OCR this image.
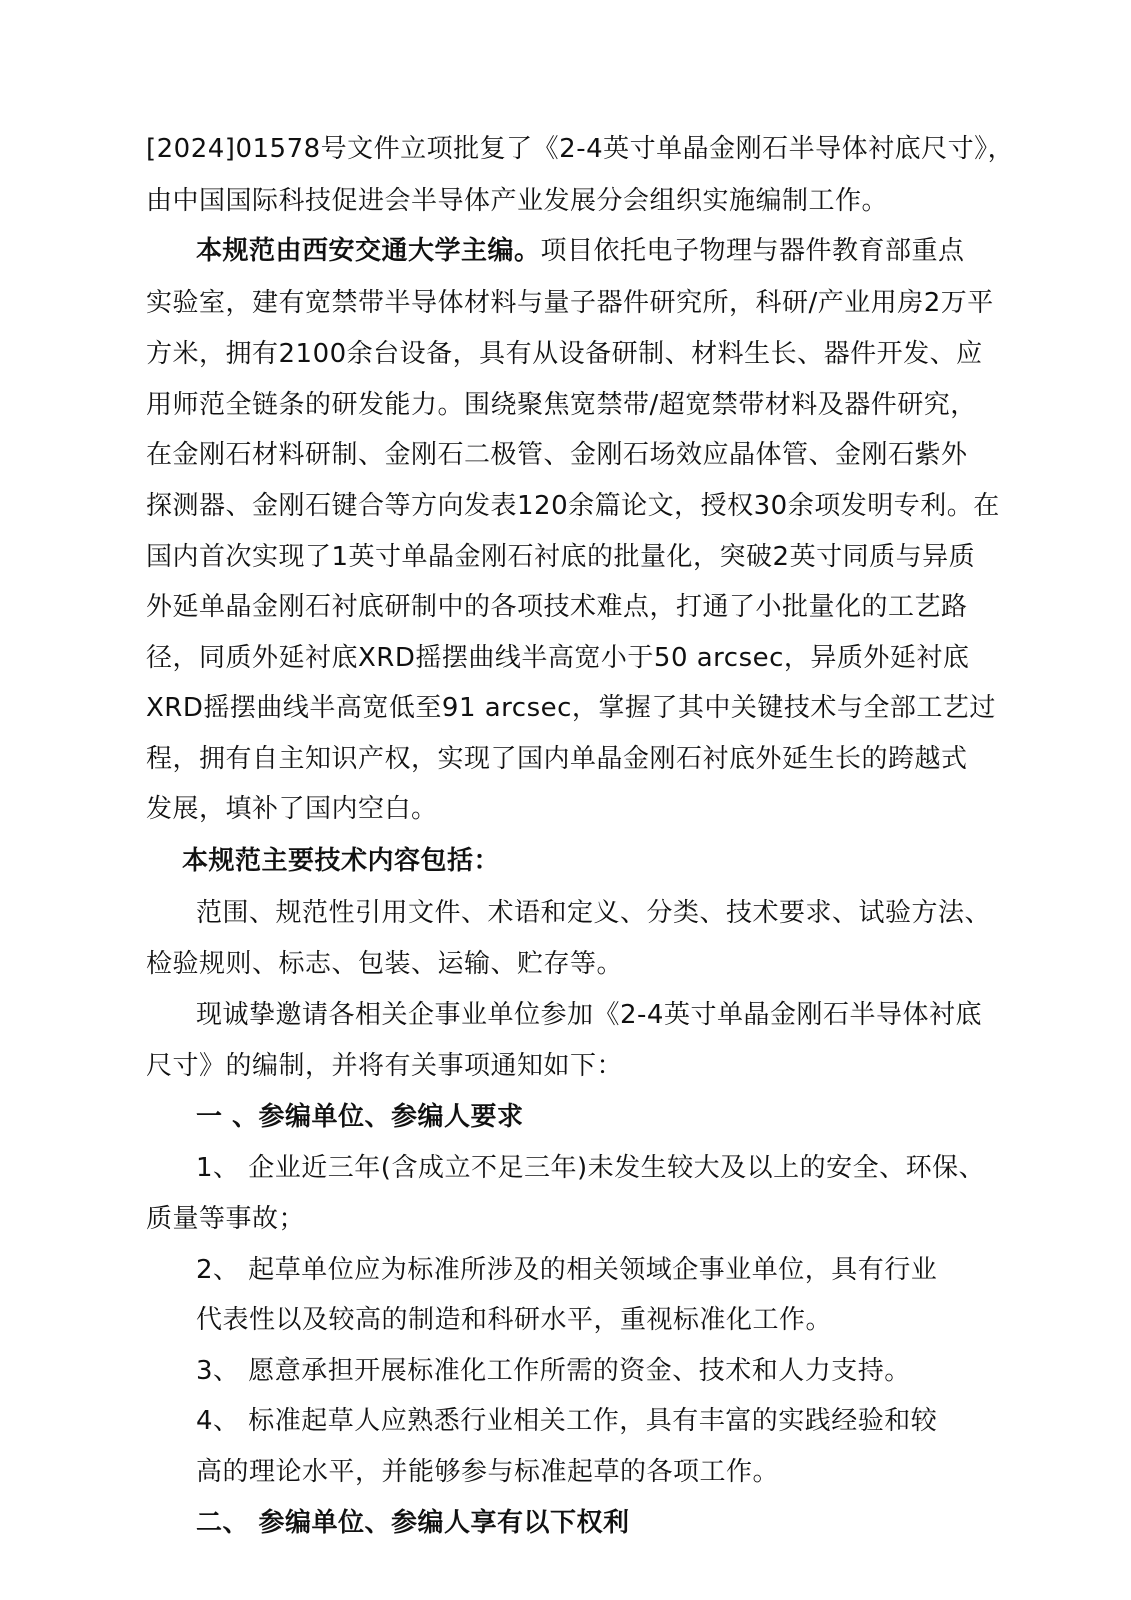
[2024]01578号文件立项批复了《2-4英寸单晶金刚石半导体衬底尺寸》，
由中国国际科技促进会半导体产业发展分会组织实施编制工作。
本规范由西安交通大学主编。项目依托电子物理与器件教育部重点
实验室，建有宽禁带半导体材料与量子器件研究所，科研/产业用房2万平
方米，拥有2100余台设备，具有从设备研制、材料生长、器件开发、应
用师范全链条的研发能力。围绕聚焦宽禁带/超宽禁带材料及器件研究，
在金刚石材料研制、金刚石二极管、金刚石场效应晶体管、金刚石紫外
探测器、金刚石键合等方向发表120余篇论文，授权30余项发明专利。在
国内首次实现了1英寸单晶金刚石衬底的批量化，突破2英寸同质与异质
外延单晶金刚石衬底研制中的各项技术难点，打通了小批量化的工艺路
径，同质外延衬底XRD摇摆曲线半高宽小于50 arcsec，异质外延衬底
XRD摇摆曲线半高宽低至91 arcsec，掌握了其中关键技术与全部工艺过
程，拥有自主知识产权，实现了国内单晶金刚石衬底外延生长的跨越式
发展，填补了国内空白。
本规范主要技术内容包括：
范围、规范性引用文件、术语和定义、分类、技术要求、试验方法、
检验规则、标志、包装、运输、贮存等。
现诚挚邀请各相关企事业单位参加《2-4英寸单晶金刚石半导体衬底
尺寸》的编制，并将有关事项通知如下：
一 、参编单位、参编人要求
1、 企业近三年(含成立不足三年)未发生较大及以上的安全、环保、
质量等事故；
2、 起草单位应为标准所涉及的相关领域企事业单位，具有行业
代表性以及较高的制造和科研水平，重视标准化工作。
3、 愿意承担开展标准化工作所需的资金、技术和人力支持。
4、 标准起草人应熟悉行业相关工作，具有丰富的实践经验和较
高的理论水平，并能够参与标准起草的各项工作。
二、 参编单位、参编人享有以下权利
